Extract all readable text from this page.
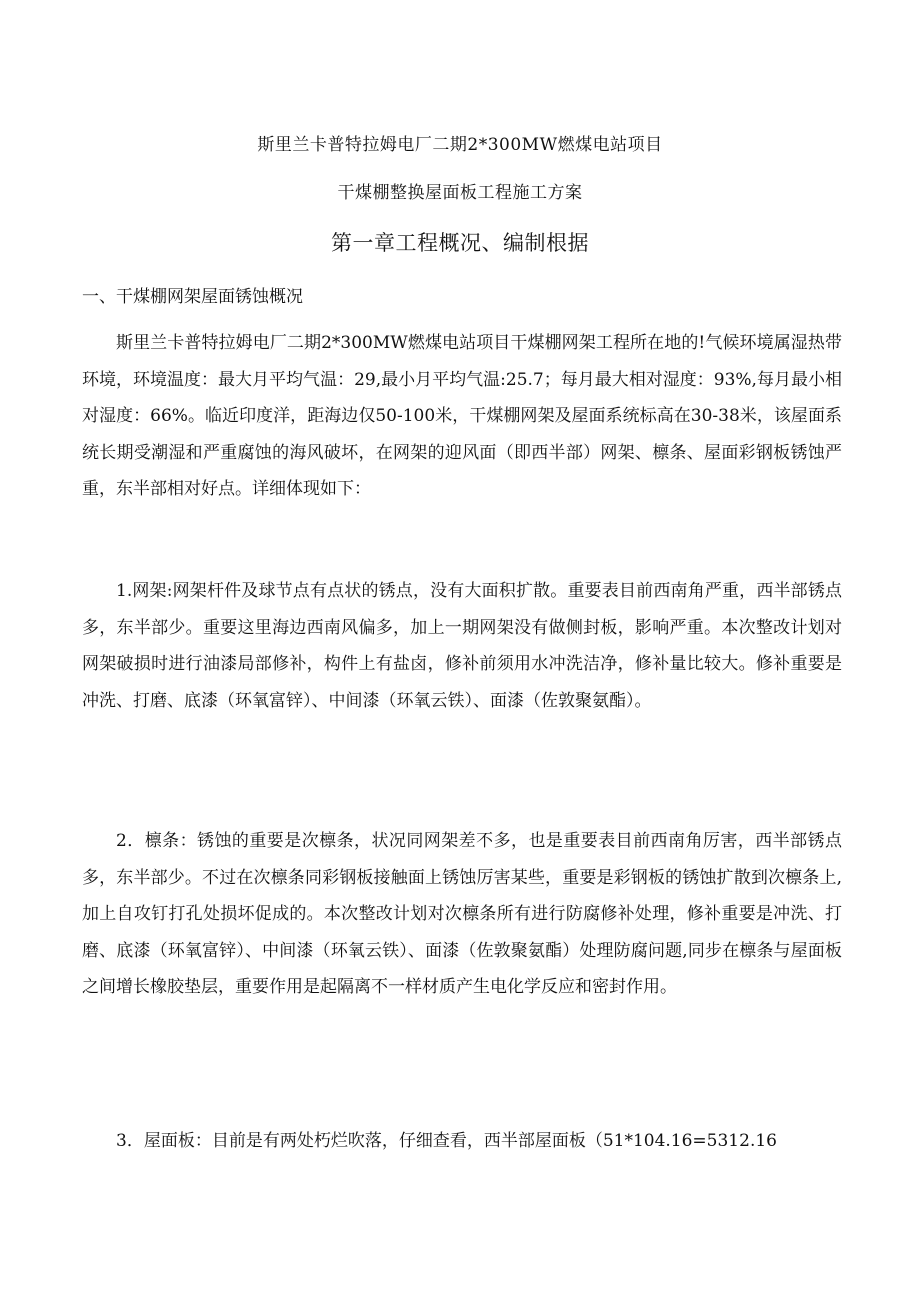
斯里兰卡普特拉姆电厂二期2*300MW燃煤电站项目
干煤棚整换屋面板工程施工方案
第一章工程概况、编制根据
一、干煤棚网架屋面锈蚀概况

斯里兰卡普特拉姆电厂二期2*300MW燃煤电站项目干煤棚网架工程所在地的!气候环境属湿热带环境，环境温度：最大月平均气温：29,最小月平均气温:25.7；每月最大相对湿度：93%,每月最小相对湿度：66%。临近印度洋，距海边仅50-100米，干煤棚网架及屋面系统标高在30-38米，该屋面系统长期受潮湿和严重腐蚀的海风破坏，在网架的迎风面（即西半部）网架、檩条、屋面彩钢板锈蚀严重，东半部相对好点。详细体现如下：

1.网架:网架杆件及球节点有点状的锈点，没有大面积扩散。重要表目前西南角严重，西半部锈点多，东半部少。重要这里海边西南风偏多，加上一期网架没有做侧封板，影响严重。本次整改计划对网架破损时进行油漆局部修补，构件上有盐卤，修补前须用水冲洗洁净，修补量比较大。修补重要是冲洗、打磨、底漆（环氧富锌）、中间漆（环氧云铁）、面漆（佐敦聚氨酯）。

2．檩条：锈蚀的重要是次檩条，状况同网架差不多，也是重要表目前西南角厉害，西半部锈点多，东半部少。不过在次檩条同彩钢板接触面上锈蚀厉害某些，重要是彩钢板的锈蚀扩散到次檩条上,加上自攻钉打孔处损坏促成的。本次整改计划对次檩条所有进行防腐修补处理，修补重要是冲洗、打磨、底漆（环氧富锌）、中间漆（环氧云铁）、面漆（佐敦聚氨酯）处理防腐问题,同步在檩条与屋面板之间增长橡胶垫层，重要作用是起隔离不一样材质产生电化学反应和密封作用。

3．屋面板：目前是有两处朽烂吹落，仔细查看，西半部屋面板（51*104.16=5312.16
